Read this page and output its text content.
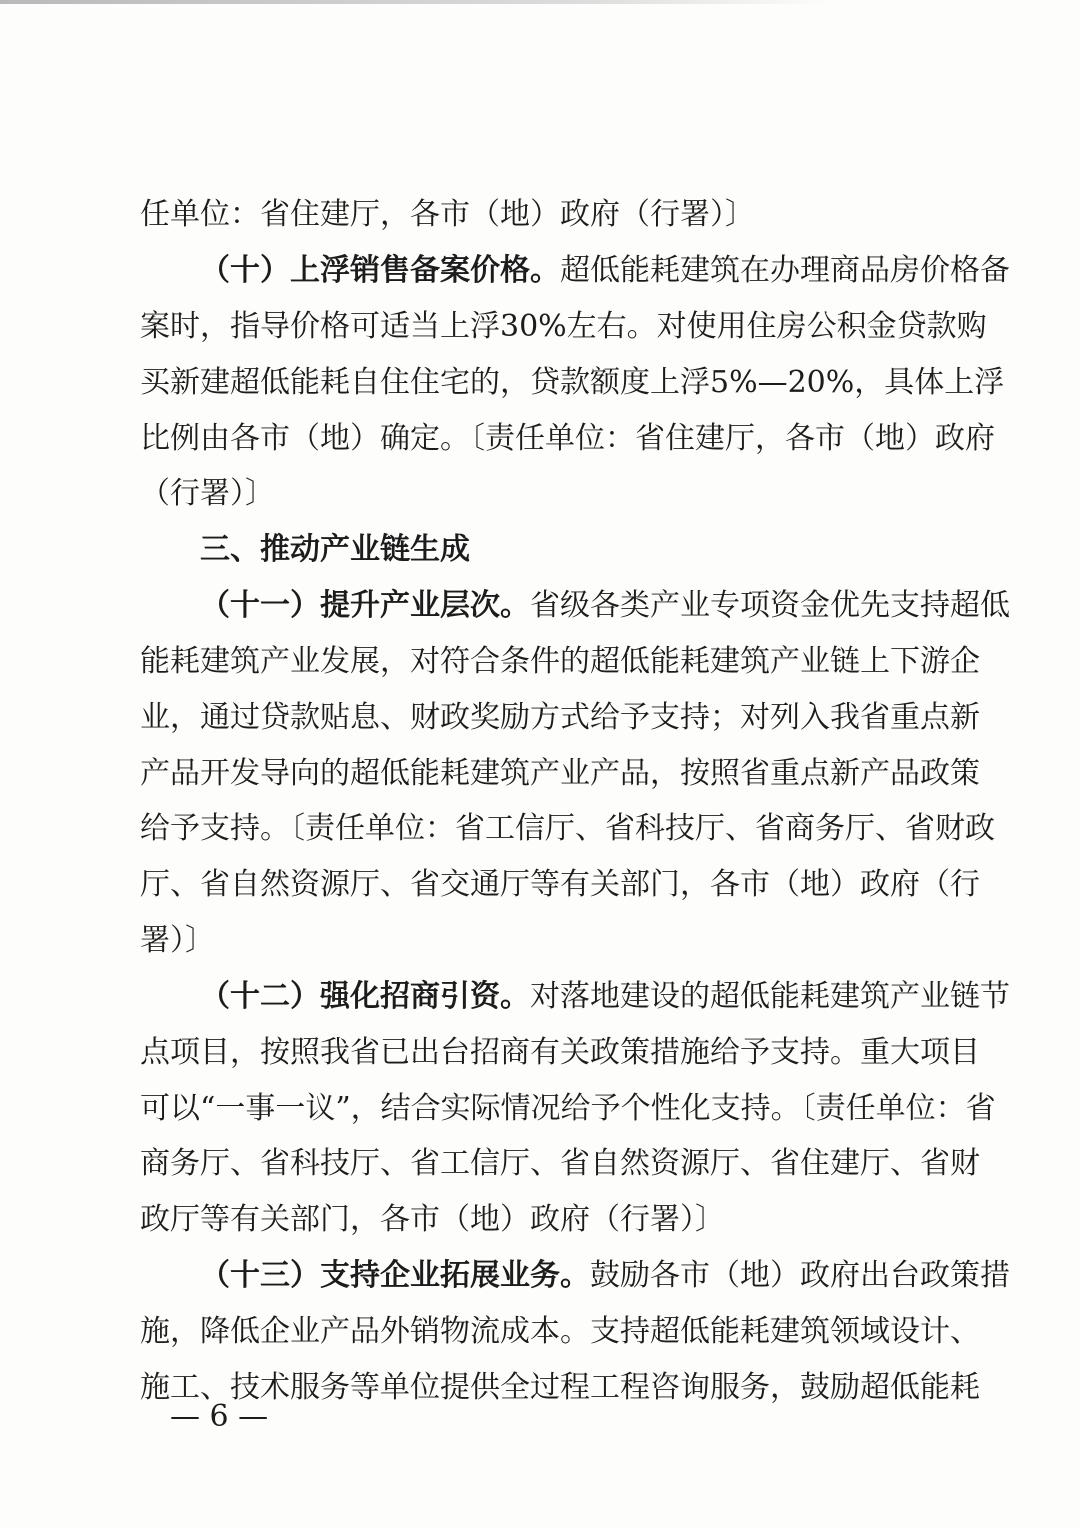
任单位：省住建厅，各市（地）政府（行署）〕
（十）上浮销售备案价格。超低能耗建筑在办理商品房价格备
案时，指导价格可适当上浮30%左右。对使用住房公积金贷款购
买新建超低能耗自住住宅的，贷款额度上浮5%—20%，具体上浮
比例由各市（地）确定。〔责任单位：省住建厅，各市（地）政府
（行署）〕
三、推动产业链生成
（十一）提升产业层次。省级各类产业专项资金优先支持超低
能耗建筑产业发展，对符合条件的超低能耗建筑产业链上下游企
业，通过贷款贴息、财政奖励方式给予支持；对列入我省重点新
产品开发导向的超低能耗建筑产业产品，按照省重点新产品政策
给予支持。〔责任单位：省工信厅、省科技厅、省商务厅、省财政
厅、省自然资源厅、省交通厅等有关部门，各市（地）政府（行
署）〕
（十二）强化招商引资。对落地建设的超低能耗建筑产业链节
点项目，按照我省已出台招商有关政策措施给予支持。重大项目
可以“一事一议”，结合实际情况给予个性化支持。〔责任单位：省
商务厅、省科技厅、省工信厅、省自然资源厅、省住建厅、省财
政厅等有关部门，各市（地）政府（行署）〕
（十三）支持企业拓展业务。鼓励各市（地）政府出台政策措
施，降低企业产品外销物流成本。支持超低能耗建筑领域设计、
施工、技术服务等单位提供全过程工程咨询服务，鼓励超低能耗
— 6 —
